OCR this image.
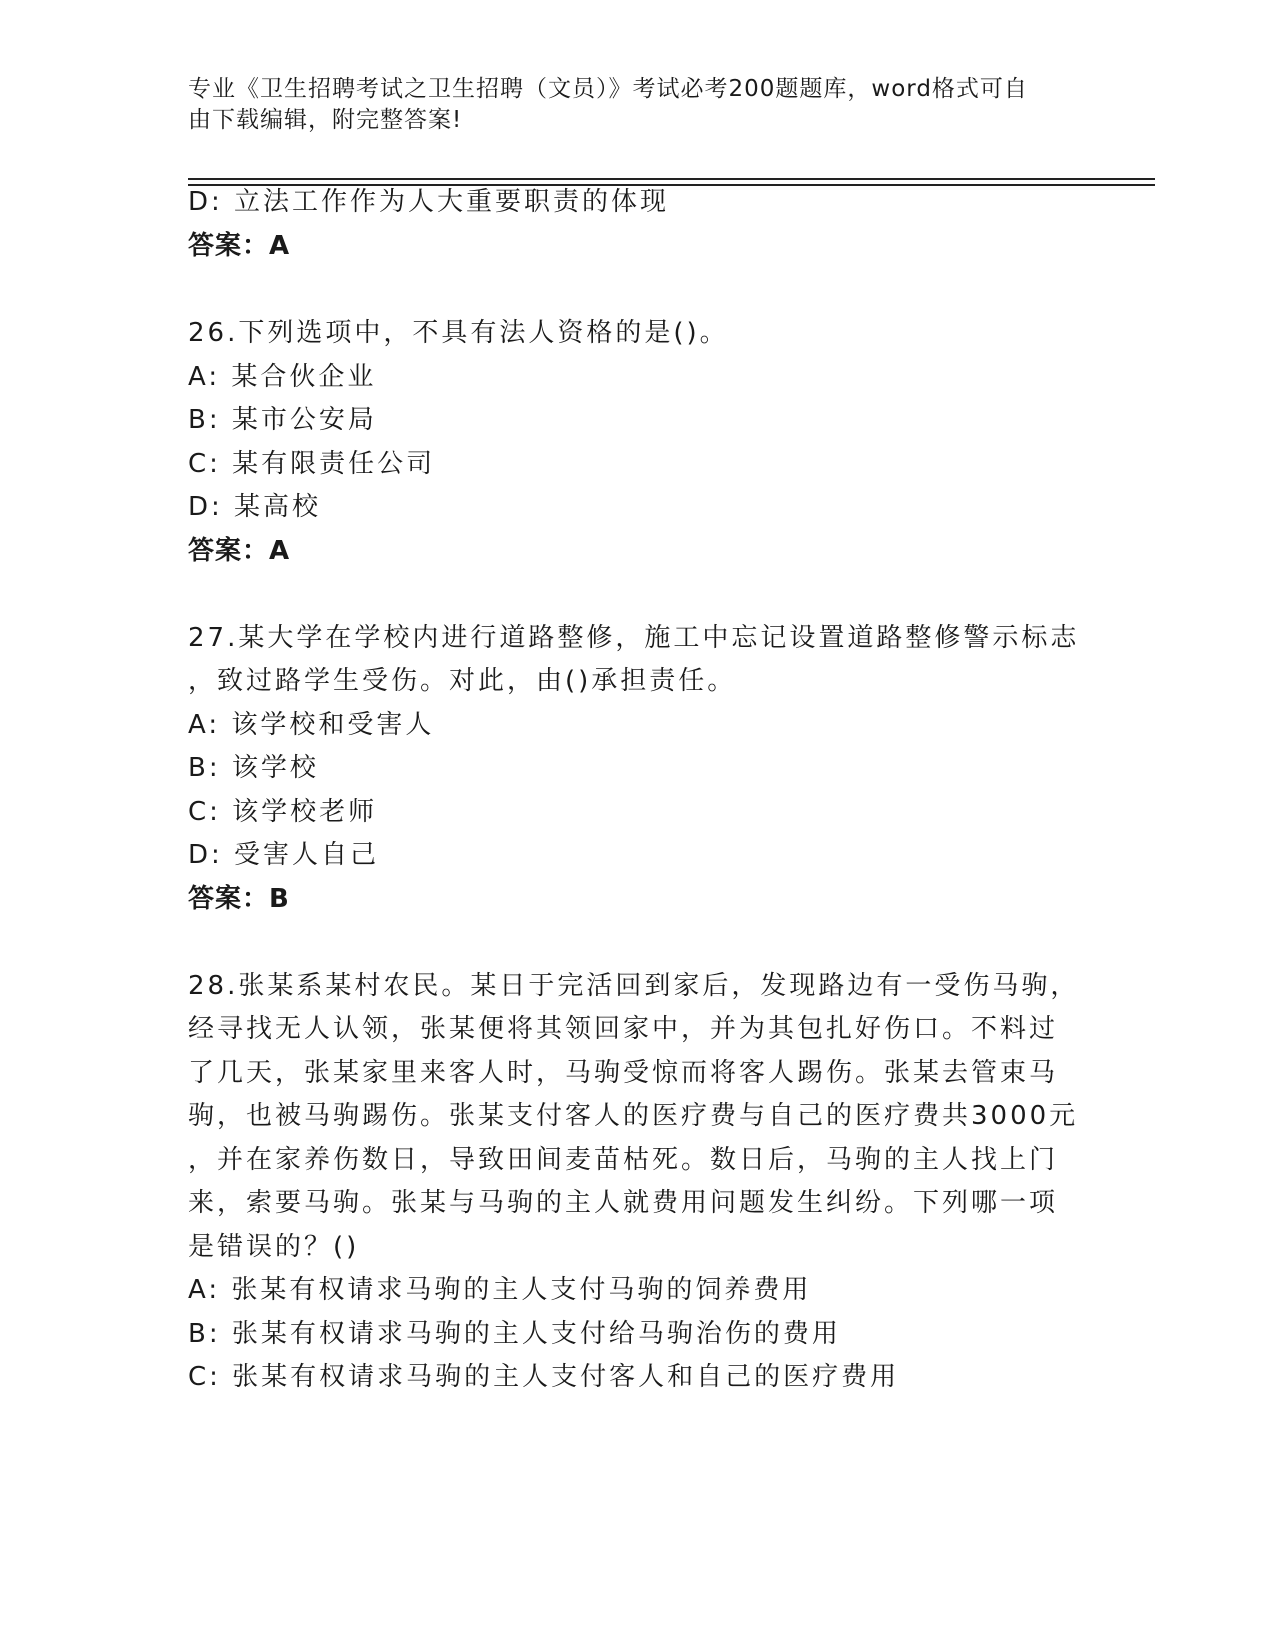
专业《卫生招聘考试之卫生招聘（文员）》考试必考200题题库，word格式可自
由下载编辑，附完整答案!
D: 立法工作作为人大重要职责的体现
答案：A
26.下列选项中，不具有法人资格的是()。
A: 某合伙企业
B: 某市公安局
C: 某有限责任公司
D: 某高校
答案：A
27.某大学在学校内进行道路整修，施工中忘记设置道路整修警示标志
，致过路学生受伤。对此，由()承担责任。
A: 该学校和受害人
B: 该学校
C: 该学校老师
D: 受害人自己
答案：B
28.张某系某村农民。某日于完活回到家后，发现路边有一受伤马驹，
经寻找无人认领，张某便将其领回家中，并为其包扎好伤口。不料过
了几天，张某家里来客人时，马驹受惊而将客人踢伤。张某去管束马
驹，也被马驹踢伤。张某支付客人的医疗费与自己的医疗费共3000元
，并在家养伤数日，导致田间麦苗枯死。数日后，马驹的主人找上门
来，索要马驹。张某与马驹的主人就费用问题发生纠纷。下列哪一项
是错误的？()
A: 张某有权请求马驹的主人支付马驹的饲养费用
B: 张某有权请求马驹的主人支付给马驹治伤的费用
C: 张某有权请求马驹的主人支付客人和自己的医疗费用
